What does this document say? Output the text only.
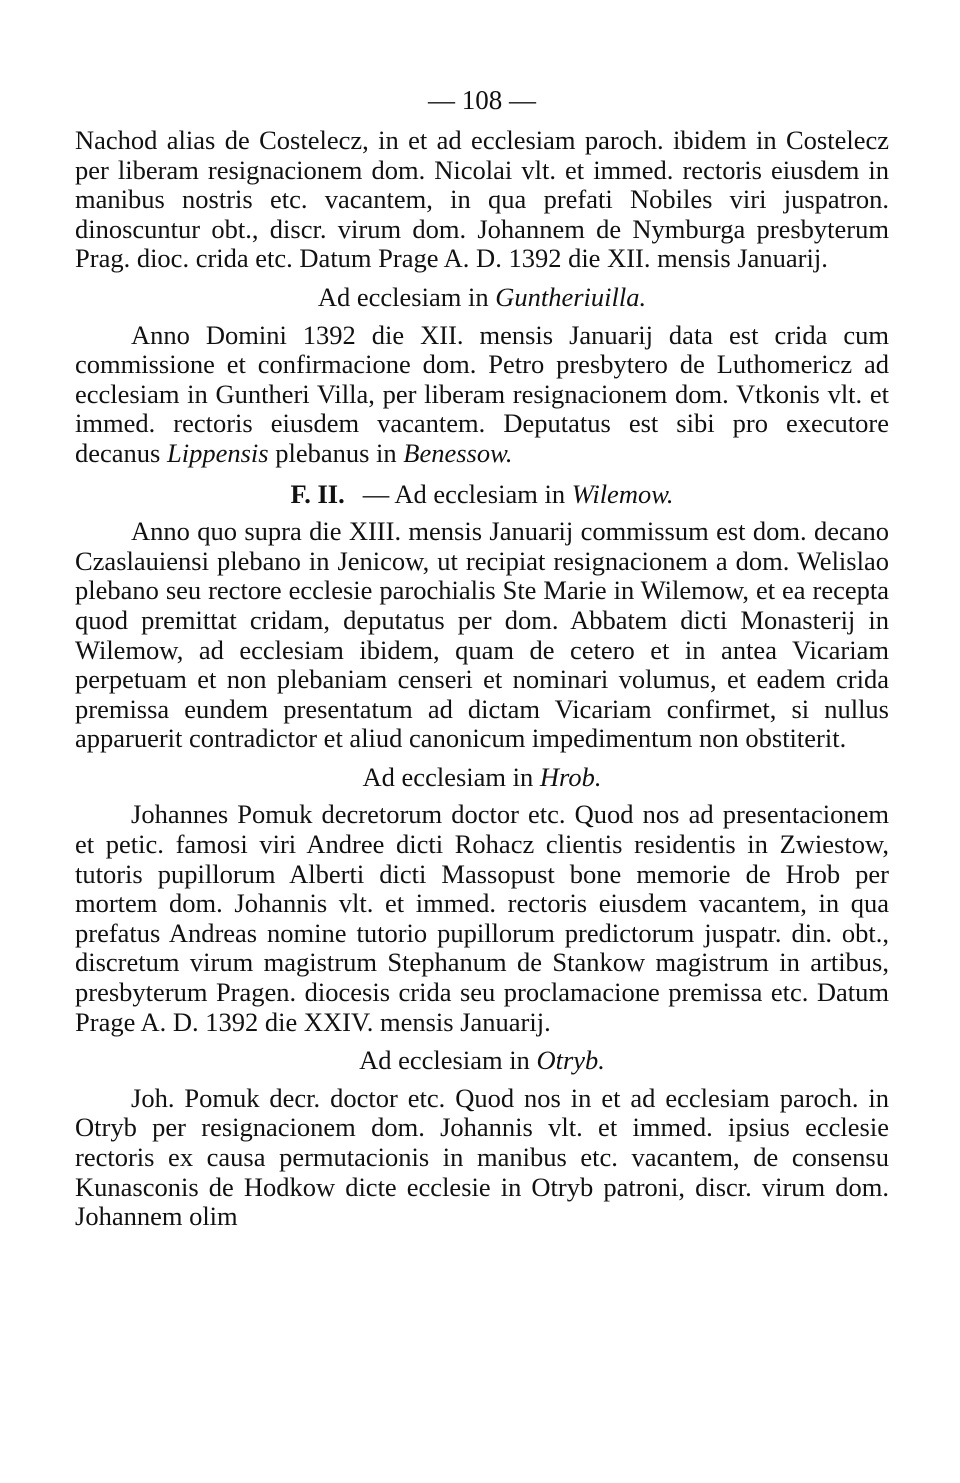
— 108 —

Nachod alias de Costelecz, in et ad ecclesiam paroch. ibidem in Costelecz per liberam resignacionem dom. Nicolai vlt. et immed. rectoris eiusdem in manibus nostris etc. vacantem, in qua prefati Nobiles viri juspatron. dinoscuntur obt., discr. virum dom. Johannem de Nymburga presbyterum Prag. dioc. crida etc. Datum Prage A. D. 1392 die XII. mensis Januarij.

Ad ecclesiam in Guntheriuilla.

Anno Domini 1392 die XII. mensis Januarij data est crida cum commissione et confirmacione dom. Petro presbytero de Luthomericz ad ecclesiam in Guntheri Villa, per liberam resignacionem dom. Vtkonis vlt. et immed. rectoris eiusdem vacantem. Deputatus est sibi pro executore decanus Lippensis plebanus in Benessow.

F. II. — Ad ecclesiam in Wilemow.

Anno quo supra die XIII. mensis Januarij commissum est dom. decano Czaslauiensi plebano in Jenicow, ut recipiat resignacionem a dom. Welislao plebano seu rectore ecclesie parochialis Ste Marie in Wilemow, et ea recepta quod premittat cridam, deputatus per dom. Abbatem dicti Monasterij in Wilemow, ad ecclesiam ibidem, quam de cetero et in antea Vicariam perpetuam et non plebaniam censeri et nominari volumus, et eadem crida premissa eundem presentatum ad dictam Vicariam confirmet, si nullus apparuerit contradictor et aliud canonicum impedimentum non obstiterit.

Ad ecclesiam in Hrob.

Johannes Pomuk decretorum doctor etc. Quod nos ad presentacionem et petic. famosi viri Andree dicti Rohacz clientis residentis in Zwiestow, tutoris pupillorum Alberti dicti Massopust bone memorie de Hrob per mortem dom. Johannis vlt. et immed. rectoris eiusdem vacantem, in qua prefatus Andreas nomine tutorio pupillorum predictorum juspatr. din. obt., discretum virum magistrum Stephanum de Stankow magistrum in artibus, presbyterum Pragen. diocesis crida seu proclamacione premissa etc. Datum Prage A. D. 1392 die XXIV. mensis Januarij.

Ad ecclesiam in Otryb.

Joh. Pomuk decr. doctor etc. Quod nos in et ad ecclesiam paroch. in Otryb per resignacionem dom. Johannis vlt. et immed. ipsius ecclesie rectoris ex causa permutacionis in manibus etc. vacantem, de consensu Kunasconis de Hodkow dicte ecclesie in Otryb patroni, discr. virum dom. Johannem olim
